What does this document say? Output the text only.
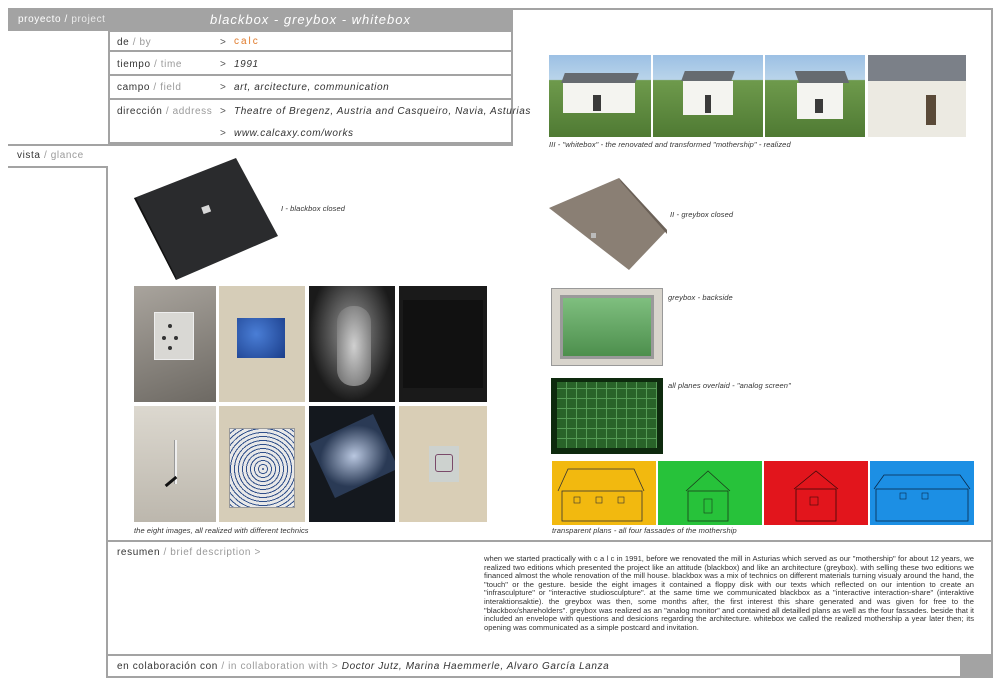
proyecto / project	blackbox - greybox - whitebox
de / by	> calc
tiempo / time	> 1991
campo / field	> art, arcitecture, communication
dirección / address > Theatre of Bregenz, Austria and Casqueiro, Navia, Asturias
> www.calcaxy.com/works
vista / glance
III - "whitebox" - the renovated and transformed "mothership" - realized
I - blackbox closed
II - greybox closed
the eight images, all realized with different technics
greybox - backside
all planes overlaid - "analog screen"
transparent plans - all four fassades of the mothership
resumen / brief description >
when we started practically with c a l c in 1991, before we renovated the mill in Asturias which served as our "mothership" for about 12 years, we realized two editions which presented the project like an attitude (blackbox) and like an architecture (greybox). with selling these two editions we financed almost the whole renovation of the mill house. blackbox was a mix of technics on different materials turning visualy around the hand, the "touch" or the gesture. beside the eight images it contained a floppy disk with our texts which reflected on our intention to create an "infrasculpture" or "interactive studiosculpture". at the same time we communicated blackbox as a "interactive interaction-share" (interaktive interaktionsaktie). the greybox was then, some months after, the first interest this share generated and was given for free to the "blackbox/shareholders". greybox was realized as an "analog monitor" and contained all detailled plans as well as the four fassades. beside that it included an envelope with questions and desicions regarding the architecture. whitebox we called the realized mothership a year later then; its opening was communicated as a simple postcard and invitation.
en colaboración con / in collaboration with > Doctor Jutz, Marina Haemmerle, Alvaro García Lanza
